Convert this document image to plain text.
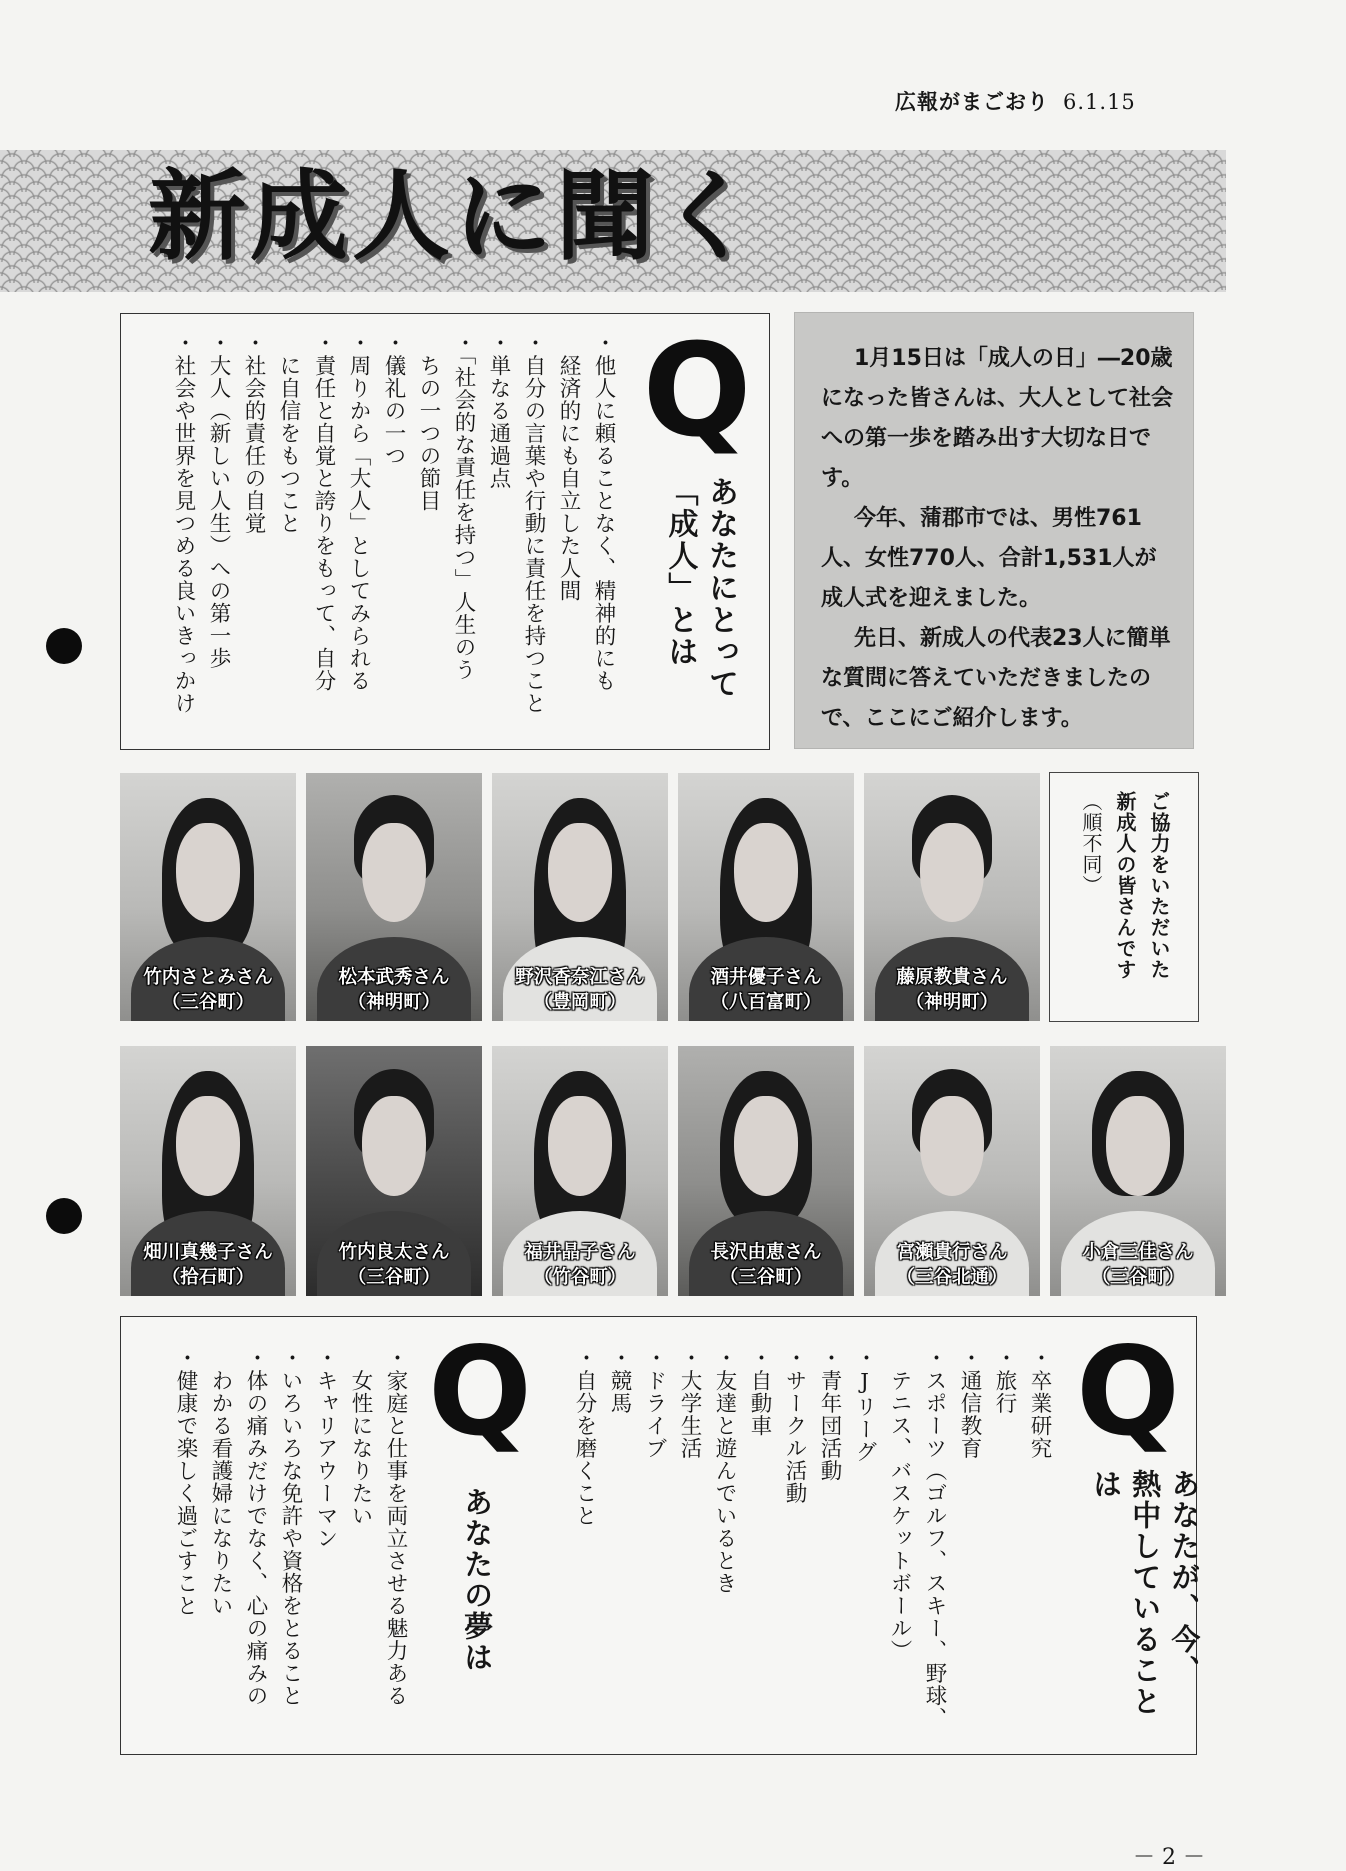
広報がまごおり 6.1.15
新成人に聞く
Q
あなたにとって
「成人」とは
・他人に頼ることなく、精神的にも
　経済的にも自立した人間
・自分の言葉や行動に責任を持つこと
・単なる通過点
・「社会的な責任を持つ」人生のう
　ちの一つの節目
・儀礼の一つ
・周りから「大人」としてみられる
・責任と自覚と誇りをもって、自分
　に自信をもつこと
・社会的責任の自覚
・大人（新しい人生）への第一歩
・社会や世界を見つめる良いきっかけ	1月15日は「成人の日」―20歳になった皆さんは、大人として社会への第一歩を踏み出す大切な日です。

今年、蒲郡市では、男性761人、女性770人、合計1,531人が成人式を迎えました。

先日、新成人の代表23人に簡単な質問に答えていただきましたので、ここにご紹介します。

竹内さとみさん
（三谷町）
松本武秀さん
（神明町）
野沢香奈江さん
（豊岡町）
酒井優子さん
（八百富町）
藤原教貴さん
（神明町）
ご協力をいただいた
新成人の皆さんです
（順不同）
畑川真幾子さん
（拾石町）
竹内良太さん
（三谷町）
福井晶子さん
（竹谷町）
長沢由恵さん
（三谷町）
宮瀬貴行さん
（三谷北通）
小倉三佳さん
（三谷町）
Q
あなたが、今、
熱中していることは
・卒業研究
・旅行
・通信教育
・スポーツ（ゴルフ、スキー、野球、
　テニス、バスケットボール）
・Jリーグ
・青年団活動
・サークル活動
・自動車
・友達と遊んでいるとき
・大学生活
・ドライブ
・競馬
・自分を磨くこと
Q
あなたの夢は
・家庭と仕事を両立させる魅力ある
　女性になりたい
・キャリアウーマン
・いろいろな免許や資格をとること
・体の痛みだけでなく、心の痛みの
　わかる看護婦になりたい
・健康で楽しく過ごすこと
－ 2 －
